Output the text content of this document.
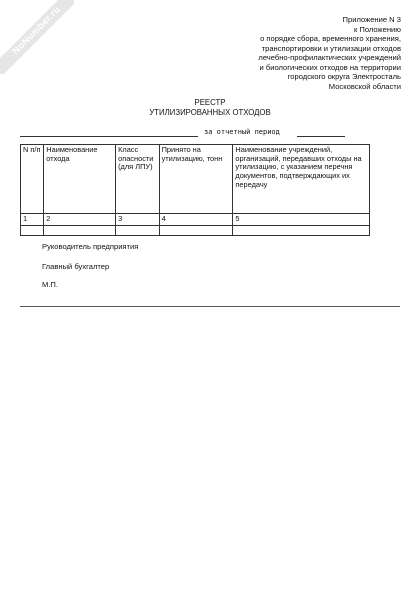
NoNumber.ru	Приложение N 3
к Положению
о порядке сбора, временного хранения,
транспортировки и утилизации отходов
лечебно-профилактических учреждений
и биологических отходов на территории
городского округа Электросталь
Московской области
РЕЕСТР
УТИЛИЗИРОВАННЫХ ОТХОДОВ
за отчетный период
N п/п	Наименование отхода	Класс опасности (для ЛПУ)	Принято на утилизацию, тонн	Наименование учреждений, организаций, передавших отходы на утилизацию, с указанием перечня документов, подтверждающих их передачу
1	2	3	4	5

Руководитель предприятия
Главный бухгалтер
М.П.
